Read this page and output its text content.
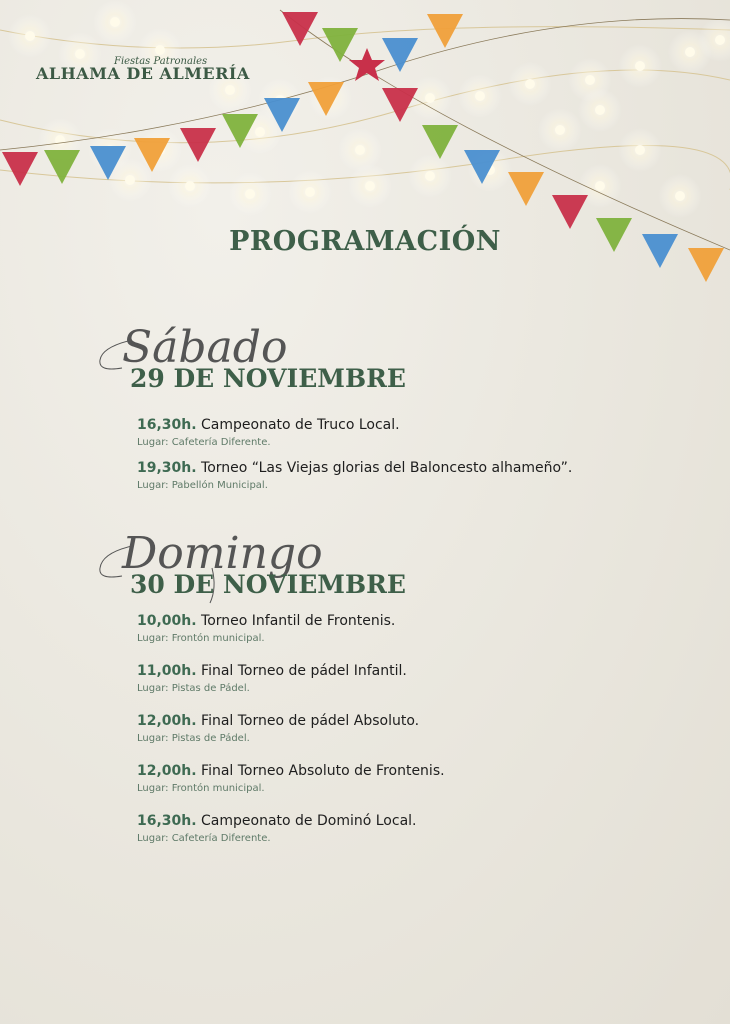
Fiestas Patronales
ALHAMA DE ALMERÍA
PROGRAMACIÓN
Sábado
29 DE NOVIEMBRE
16,30h. Campeonato de Truco Local.
Lugar: Cafetería Diferente.
19,30h. Torneo “Las Viejas glorias del Baloncesto alhameño”.
Lugar: Pabellón Municipal.
Domingo
30 DE NOVIEMBRE
10,00h. Torneo Infantil de Frontenis.
Lugar: Frontón municipal.
11,00h. Final Torneo de pádel Infantil.
Lugar: Pistas de Pádel.
12,00h. Final Torneo de pádel Absoluto.
Lugar: Pistas de Pádel.
12,00h. Final Torneo Absoluto de Frontenis.
Lugar: Frontón municipal.
16,30h. Campeonato de Dominó Local.
Lugar: Cafetería Diferente.
